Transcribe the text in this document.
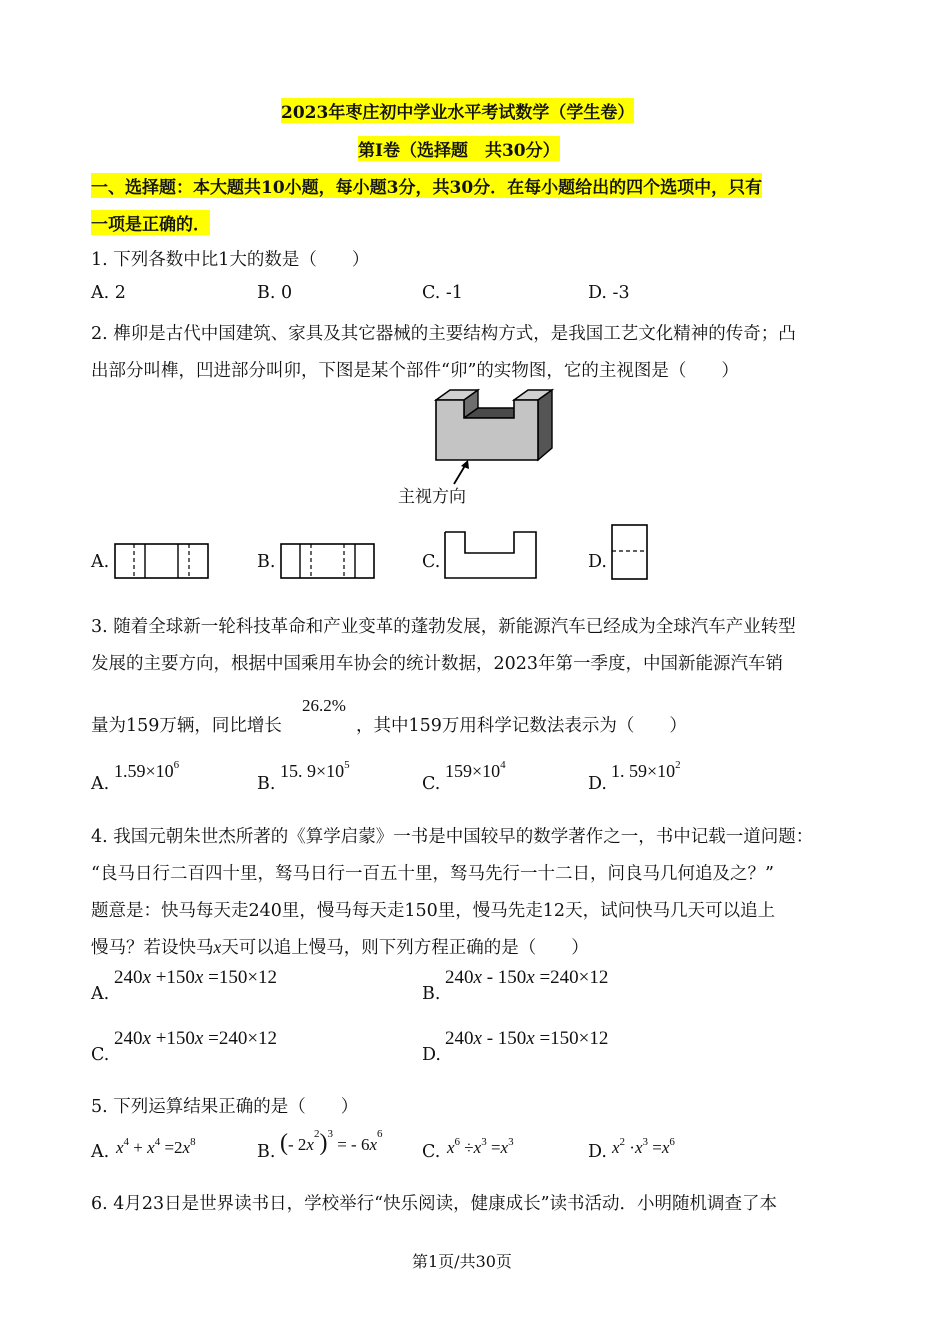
2023年枣庄初中学业水平考试数学（学生卷）
第I卷（选择题　共30分）
一、选择题：本大题共10小题，每小题3分，共30分．在每小题给出的四个选项中，只有
一项是正确的．
1. 下列各数中比1大的数是（　　）
A. 2	B. 0	C. -1	D. -3
2. 榫卯是古代中国建筑、家具及其它器械的主要结构方式，是我国工艺文化精神的传奇；凸
出部分叫榫，凹进部分叫卯，下图是某个部件“卯”的实物图，它的主视图是（　　）
主视方向
A.	B.	C.	D.
3. 随着全球新一轮科技革命和产业变革的蓬勃发展，新能源汽车已经成为全球汽车产业转型
发展的主要方向，根据中国乘用车协会的统计数据，2023年第一季度，中国新能源汽车销
量为159万辆，同比增长
26.2%
，其中159万用科学记数法表示为（　　）
A.
$1.59\times 10^6$
B.
15. $9\times 10^5$
C.
$159\times 10^4$
D.
1. $59\times 10^2$
4. 我国元朝朱世杰所著的《算学启蒙》一书是中国较早的数学著作之一，书中记载一道问题：
“良马日行二百四十里，驽马日行一百五十里，驽马先行一十二日，问良马几何追及之？”
题意是：快马每天走240里，慢马每天走150里，慢马先走12天，试问快马几天可以追上
慢马？若设快马x天可以追上慢马，则下列方程正确的是（　　）
A.
240x +150x =150×12
B.
240x - 150x =240×12
C.
240x +150x =240×12
D.
240x - 150x =150×12
5. 下列运算结果正确的是（　　）
A. $x^4 + x^4 =2x^8$	B. (- $2x^2)^3$ = - $6x^6$
C. $x^6 \div x^3 =x^3$	D. $x^2 \cdot x^3 =x^6$
6. 4月23日是世界读书日，学校举行“快乐阅读，健康成长”读书活动．小明随机调查了本
第1页/共30页
